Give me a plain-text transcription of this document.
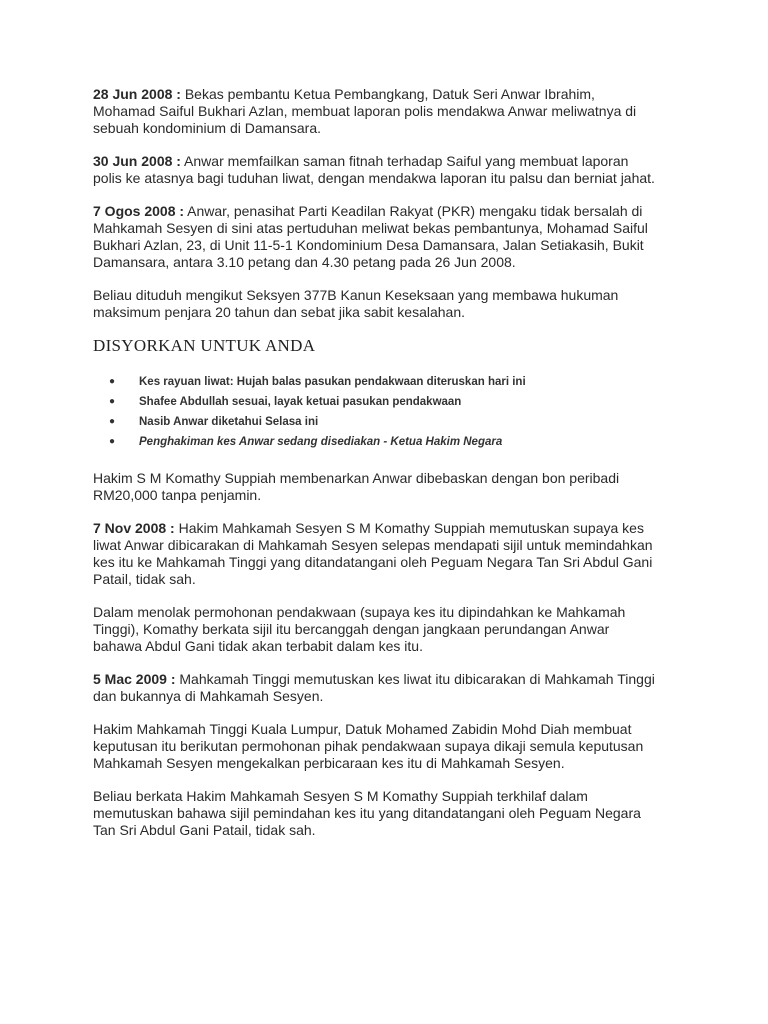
28 Jun 2008 : Bekas pembantu Ketua Pembangkang, Datuk Seri Anwar Ibrahim, Mohamad Saiful Bukhari Azlan, membuat laporan polis mendakwa Anwar meliwatnya di sebuah kondominium di Damansara.

30 Jun 2008 : Anwar memfailkan saman fitnah terhadap Saiful yang membuat laporan polis ke atasnya bagi tuduhan liwat, dengan mendakwa laporan itu palsu dan berniat jahat.

7 Ogos 2008 : Anwar, penasihat Parti Keadilan Rakyat (PKR) mengaku tidak bersalah di Mahkamah Sesyen di sini atas pertuduhan meliwat bekas pembantunya, Mohamad Saiful Bukhari Azlan, 23, di Unit 11-5-1 Kondominium Desa Damansara, Jalan Setiakasih, Bukit Damansara, antara 3.10 petang dan 4.30 petang pada 26 Jun 2008.

Beliau dituduh mengikut Seksyen 377B Kanun Keseksaan yang membawa hukuman maksimum penjara 20 tahun dan sebat jika sabit kesalahan.

DISYORKAN UNTUK ANDA
● Kes rayuan liwat: Hujah balas pasukan pendakwaan diteruskan hari ini
● Shafee Abdullah sesuai, layak ketuai pasukan pendakwaan
● Nasib Anwar diketahui Selasa ini
● Penghakiman kes Anwar sedang disediakan - Ketua Hakim Negara

Hakim S M Komathy Suppiah membenarkan Anwar dibebaskan dengan bon peribadi RM20,000 tanpa penjamin.

7 Nov 2008 : Hakim Mahkamah Sesyen S M Komathy Suppiah memutuskan supaya kes liwat Anwar dibicarakan di Mahkamah Sesyen selepas mendapati sijil untuk memindahkan kes itu ke Mahkamah Tinggi yang ditandatangani oleh Peguam Negara Tan Sri Abdul Gani Patail, tidak sah.

Dalam menolak permohonan pendakwaan (supaya kes itu dipindahkan ke Mahkamah Tinggi), Komathy berkata sijil itu bercanggah dengan jangkaan perundangan Anwar bahawa Abdul Gani tidak akan terbabit dalam kes itu.

5 Mac 2009 : Mahkamah Tinggi memutuskan kes liwat itu dibicarakan di Mahkamah Tinggi dan bukannya di Mahkamah Sesyen.

Hakim Mahkamah Tinggi Kuala Lumpur, Datuk Mohamed Zabidin Mohd Diah membuat keputusan itu berikutan permohonan pihak pendakwaan supaya dikaji semula keputusan Mahkamah Sesyen mengekalkan perbicaraan kes itu di Mahkamah Sesyen.

Beliau berkata Hakim Mahkamah Sesyen S M Komathy Suppiah terkhilaf dalam memutuskan bahawa sijil pemindahan kes itu yang ditandatangani oleh Peguam Negara Tan Sri Abdul Gani Patail, tidak sah.
